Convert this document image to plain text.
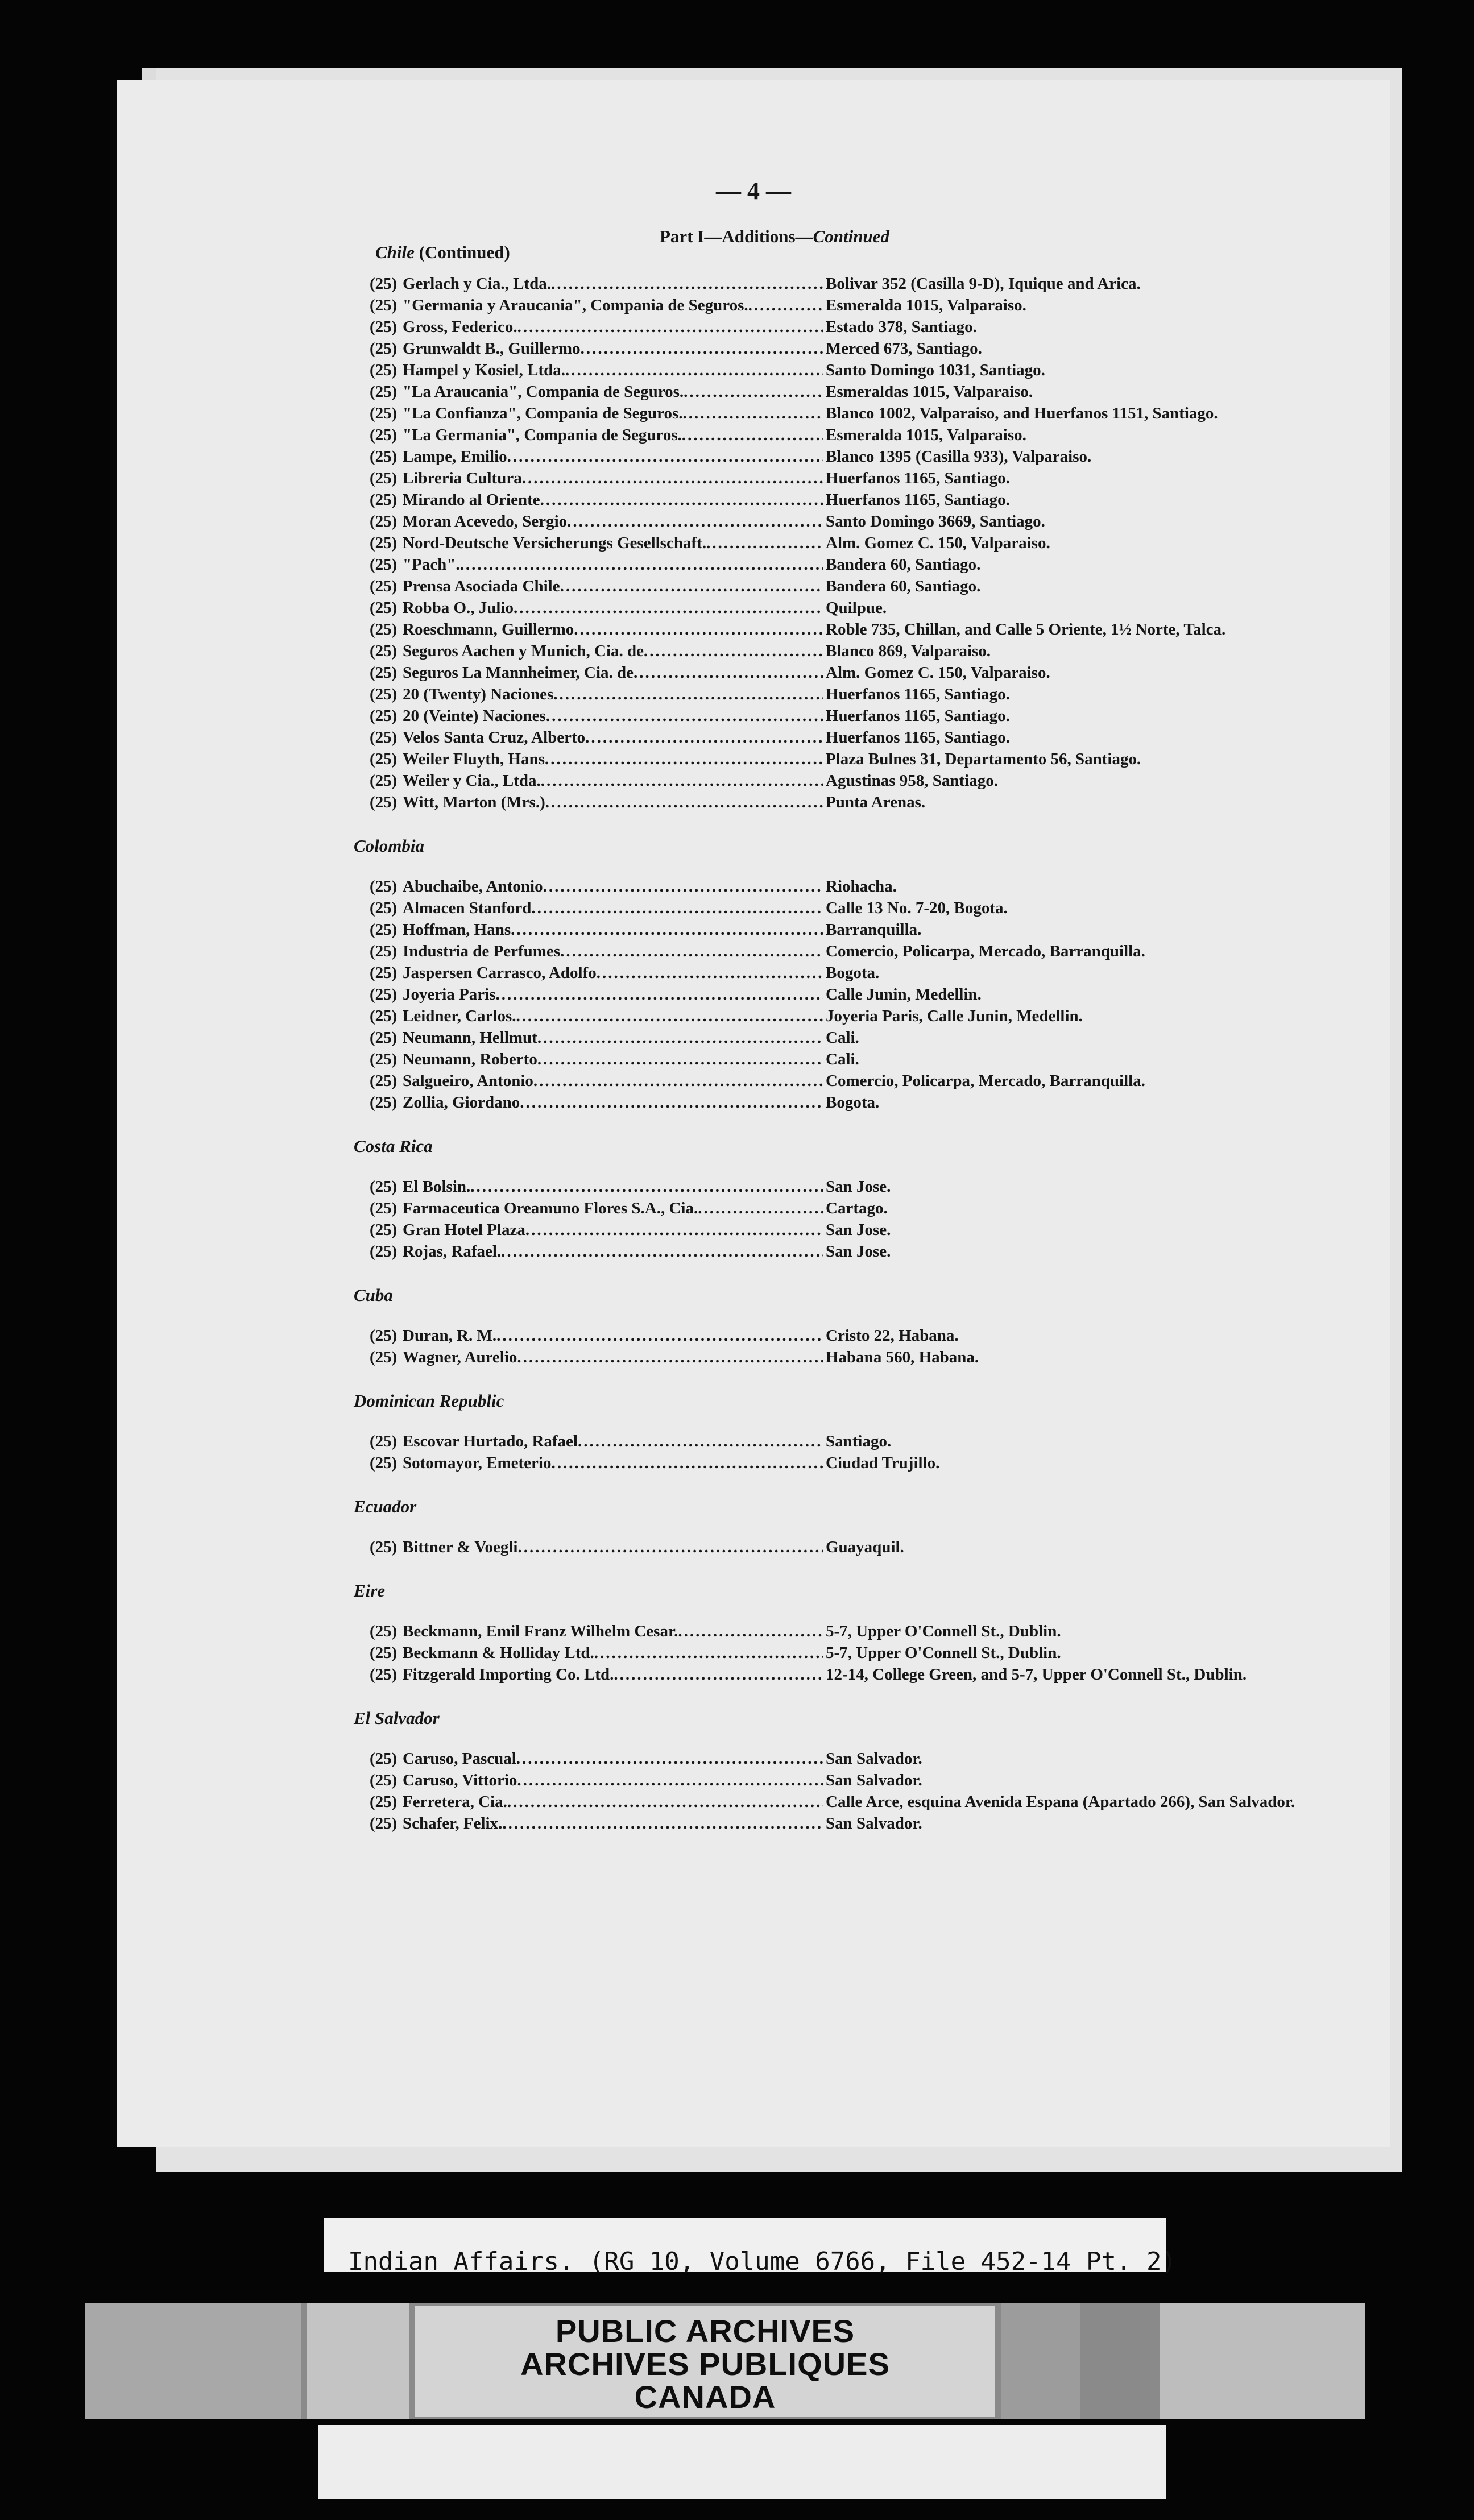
— 4 —
Part I—Additions—Continued
Chile (Continued)
(25) Gerlach y Cia., Ltda. .....	Bolivar 352 (Casilla 9-D), Iquique and Arica.
(25) "Germania y Araucania", Compania de Seguros. .....	Esmeralda 1015, Valparaiso.
(25) Gross, Federico. .....	Estado 378, Santiago.
(25) Grunwaldt B., Guillermo .....	Merced 673, Santiago.
(25) Hampel y Kosiel, Ltda. .....	Santo Domingo 1031, Santiago.
(25) "La Araucania", Compania de Seguros. .....	Esmeraldas 1015, Valparaiso.
(25) "La Confianza", Compania de Seguros. .....	Blanco 1002, Valparaiso, and Huerfanos 1151, Santiago.
(25) "La Germania", Compania de Seguros. .....	Esmeralda 1015, Valparaiso.
(25) Lampe, Emilio .....	Blanco 1395 (Casilla 933), Valparaiso.
(25) Libreria Cultura .....	Huerfanos 1165, Santiago.
(25) Mirando al Oriente .....	Huerfanos 1165, Santiago.
(25) Moran Acevedo, Sergio .....	Santo Domingo 3669, Santiago.
(25) Nord-Deutsche Versicherungs Gesellschaft. .....	Alm. Gomez C. 150, Valparaiso.
(25) "Pach". .....	Bandera 60, Santiago.
(25) Prensa Asociada Chile .....	Bandera 60, Santiago.
(25) Robba O., Julio .....	Quilpue.
(25) Roeschmann, Guillermo .....	Roble 735, Chillan, and Calle 5 Oriente, 1½ Norte, Talca.
(25) Seguros Aachen y Munich, Cia. de .....	Blanco 869, Valparaiso.
(25) Seguros La Mannheimer, Cia. de .....	Alm. Gomez C. 150, Valparaiso.
(25) 20 (Twenty) Naciones .....	Huerfanos 1165, Santiago.
(25) 20 (Veinte) Naciones .....	Huerfanos 1165, Santiago.
(25) Velos Santa Cruz, Alberto .....	Huerfanos 1165, Santiago.
(25) Weiler Fluyth, Hans .....	Plaza Bulnes 31, Departamento 56, Santiago.
(25) Weiler y Cia., Ltda. .....	Agustinas 958, Santiago.
(25) Witt, Marton (Mrs.) .....	Punta Arenas.
Colombia
(25) Abuchaibe, Antonio .....	Riohacha.
(25) Almacen Stanford .....	Calle 13 No. 7-20, Bogota.
(25) Hoffman, Hans .....	Barranquilla.
(25) Industria de Perfumes .....	Comercio, Policarpa, Mercado, Barranquilla.
(25) Jaspersen Carrasco, Adolfo .....	Bogota.
(25) Joyeria Paris .....	Calle Junin, Medellin.
(25) Leidner, Carlos. .....	Joyeria Paris, Calle Junin, Medellin.
(25) Neumann, Hellmut .....	Cali.
(25) Neumann, Roberto .....	Cali.
(25) Salgueiro, Antonio .....	Comercio, Policarpa, Mercado, Barranquilla.
(25) Zollia, Giordano .....	Bogota.
Costa Rica
(25) El Bolsin. .....	San Jose.
(25) Farmaceutica Oreamuno Flores S.A., Cia. .....	Cartago.
(25) Gran Hotel Plaza .....	San Jose.
(25) Rojas, Rafael. .....	San Jose.
Cuba
(25) Duran, R. M. .....	Cristo 22, Habana.
(25) Wagner, Aurelio .....	Habana 560, Habana.
Dominican Republic
(25) Escovar Hurtado, Rafael .....	Santiago.
(25) Sotomayor, Emeterio .....	Ciudad Trujillo.
Ecuador
(25) Bittner & Voegli .....	Guayaquil.
Eire
(25) Beckmann, Emil Franz Wilhelm Cesar. .....	5-7, Upper O'Connell St., Dublin.
(25) Beckmann & Holliday Ltd. .....	5-7, Upper O'Connell St., Dublin.
(25) Fitzgerald Importing Co. Ltd. .....	12-14, College Green, and 5-7, Upper O'Connell St., Dublin.
El Salvador
(25) Caruso, Pascual .....	San Salvador.
(25) Caruso, Vittorio .....	San Salvador.
(25) Ferretera, Cia. .....	Calle Arce, esquina Avenida Espana (Apartado 266), San Salvador.
(25) Schafer, Felix. .....	San Salvador.
Indian Affairs. (RG 10, Volume 6766, File 452-14 Pt. 2)
PUBLIC ARCHIVES
ARCHIVES PUBLIQUES
CANADA
